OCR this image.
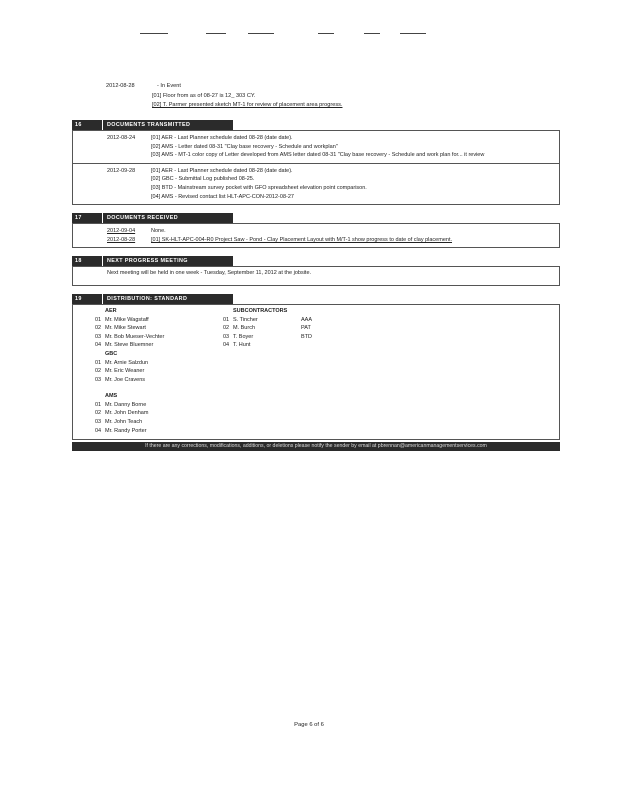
2012-08-28	- In Event
[01] Floor from as of 08-27 is 12_ 303 CY.
[02] T. Parmer presented sketch MT-1 for review of placement area progress.
16	DOCUMENTS TRANSMITTED
2012-08-24	[01] AER - Last Planner schedule dated 08-28 (date date).
[02] AMS - Letter dated 08-31 "Clay base recovery - Schedule and workplan"
[03] AMS - MT-1 color copy of Letter developed from AMS letter dated 08-31 "Clay base recovery - Schedule and work plan for... it review
2012-09-28	[01] AER - Last Planner schedule dated 08-28 (date date).
[02] GBC - Submittal Log published 08-25.
[03] BTD - Mainstream survey pocket with GFO spreadsheet elevation point comparison.
[04] AMS - Revised contact list HLT-APC-CON-2012-08-27
17	DOCUMENTS RECEIVED
2012-09-04	None.
2012-08-28	[01] SK-HLT-APC-004-R0 Project Saw - Pond - Clay Placement Layout with M/T-1 show progress to date of clay placement.
18	NEXT PROGRESS MEETING
Next meeting will be held in one week - Tuesday, September 11, 2012 at the jobsite.
19	DISTRIBUTION: STANDARD
AER
01 Mr. Mike Wagstaff
02 Mr. Mike Stewart
03 Mr. Bob Mueser-Vechter
04 Mr. Steve Bluemner
GBC
01 Mr. Arnie Salzdun
02 Mr. Eric Weaner
03 Mr. Joe Cravens
AMS
01 Mr. Danny Borne
02 Mr. John Denham
03 Mr. John Teach
04 Mr. Randy Porter
SUBCONTRACTORS
01 S. Tincher	AAA
02 M. Burch	PAT
03 T. Boyer	BTD
04 T. Hunt
If there are any corrections, modifications, additions, or deletions please notify the sender by email at pbrennan@americanmanagementservices.com
Page 6 of 6
